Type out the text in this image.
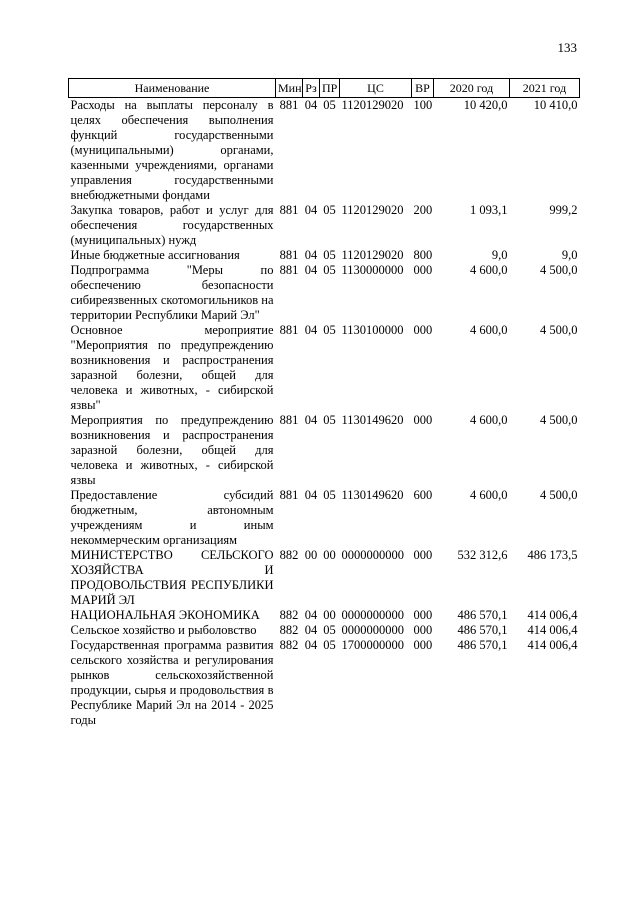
133
Наименование	Мин	Рз	ПР	ЦС	ВР	2020 год	2021 год
Расходы на выплаты персоналу в целях обеспечения выполнения функций государственными (муниципальными) органами, казенными учреждениями, органами управления государственными внебюджетными фондами	881	04	05	1120129020	100	10 420,0	10 410,0
Закупка товаров, работ и услуг для обеспечения государственных (муниципальных) нужд	881	04	05	1120129020	200	1 093,1	999,2
Иные бюджетные ассигнования	881	04	05	1120129020	800	9,0	9,0
Подпрограмма "Меры по обеспечению безопасности сибиреязвенных скотомогильников на территории Республики Марий Эл"	881	04	05	1130000000	000	4 600,0	4 500,0
Основное мероприятие "Мероприятия по предупреждению возникновения и распространения заразной болезни, общей для человека и животных, - сибирской язвы"	881	04	05	1130100000	000	4 600,0	4 500,0
Мероприятия по предупреждению возникновения и распространения заразной болезни, общей для человека и животных, - сибирской язвы	881	04	05	1130149620	000	4 600,0	4 500,0
Предоставление субсидий бюджетным, автономным учреждениям и иным некоммерческим организациям	881	04	05	1130149620	600	4 600,0	4 500,0
МИНИСТЕРСТВО СЕЛЬСКОГО ХОЗЯЙСТВА И ПРОДОВОЛЬСТВИЯ РЕСПУБЛИКИ МАРИЙ ЭЛ	882	00	00	0000000000	000	532 312,6	486 173,5
НАЦИОНАЛЬНАЯ ЭКОНОМИКА	882	04	00	0000000000	000	486 570,1	414 006,4
Сельское хозяйство и рыболовство	882	04	05	0000000000	000	486 570,1	414 006,4
Государственная программа развития сельского хозяйства и регулирования рынков сельскохозяйственной продукции, сырья и продовольствия в Республике Марий Эл на 2014 - 2025 годы	882	04	05	1700000000	000	486 570,1	414 006,4
